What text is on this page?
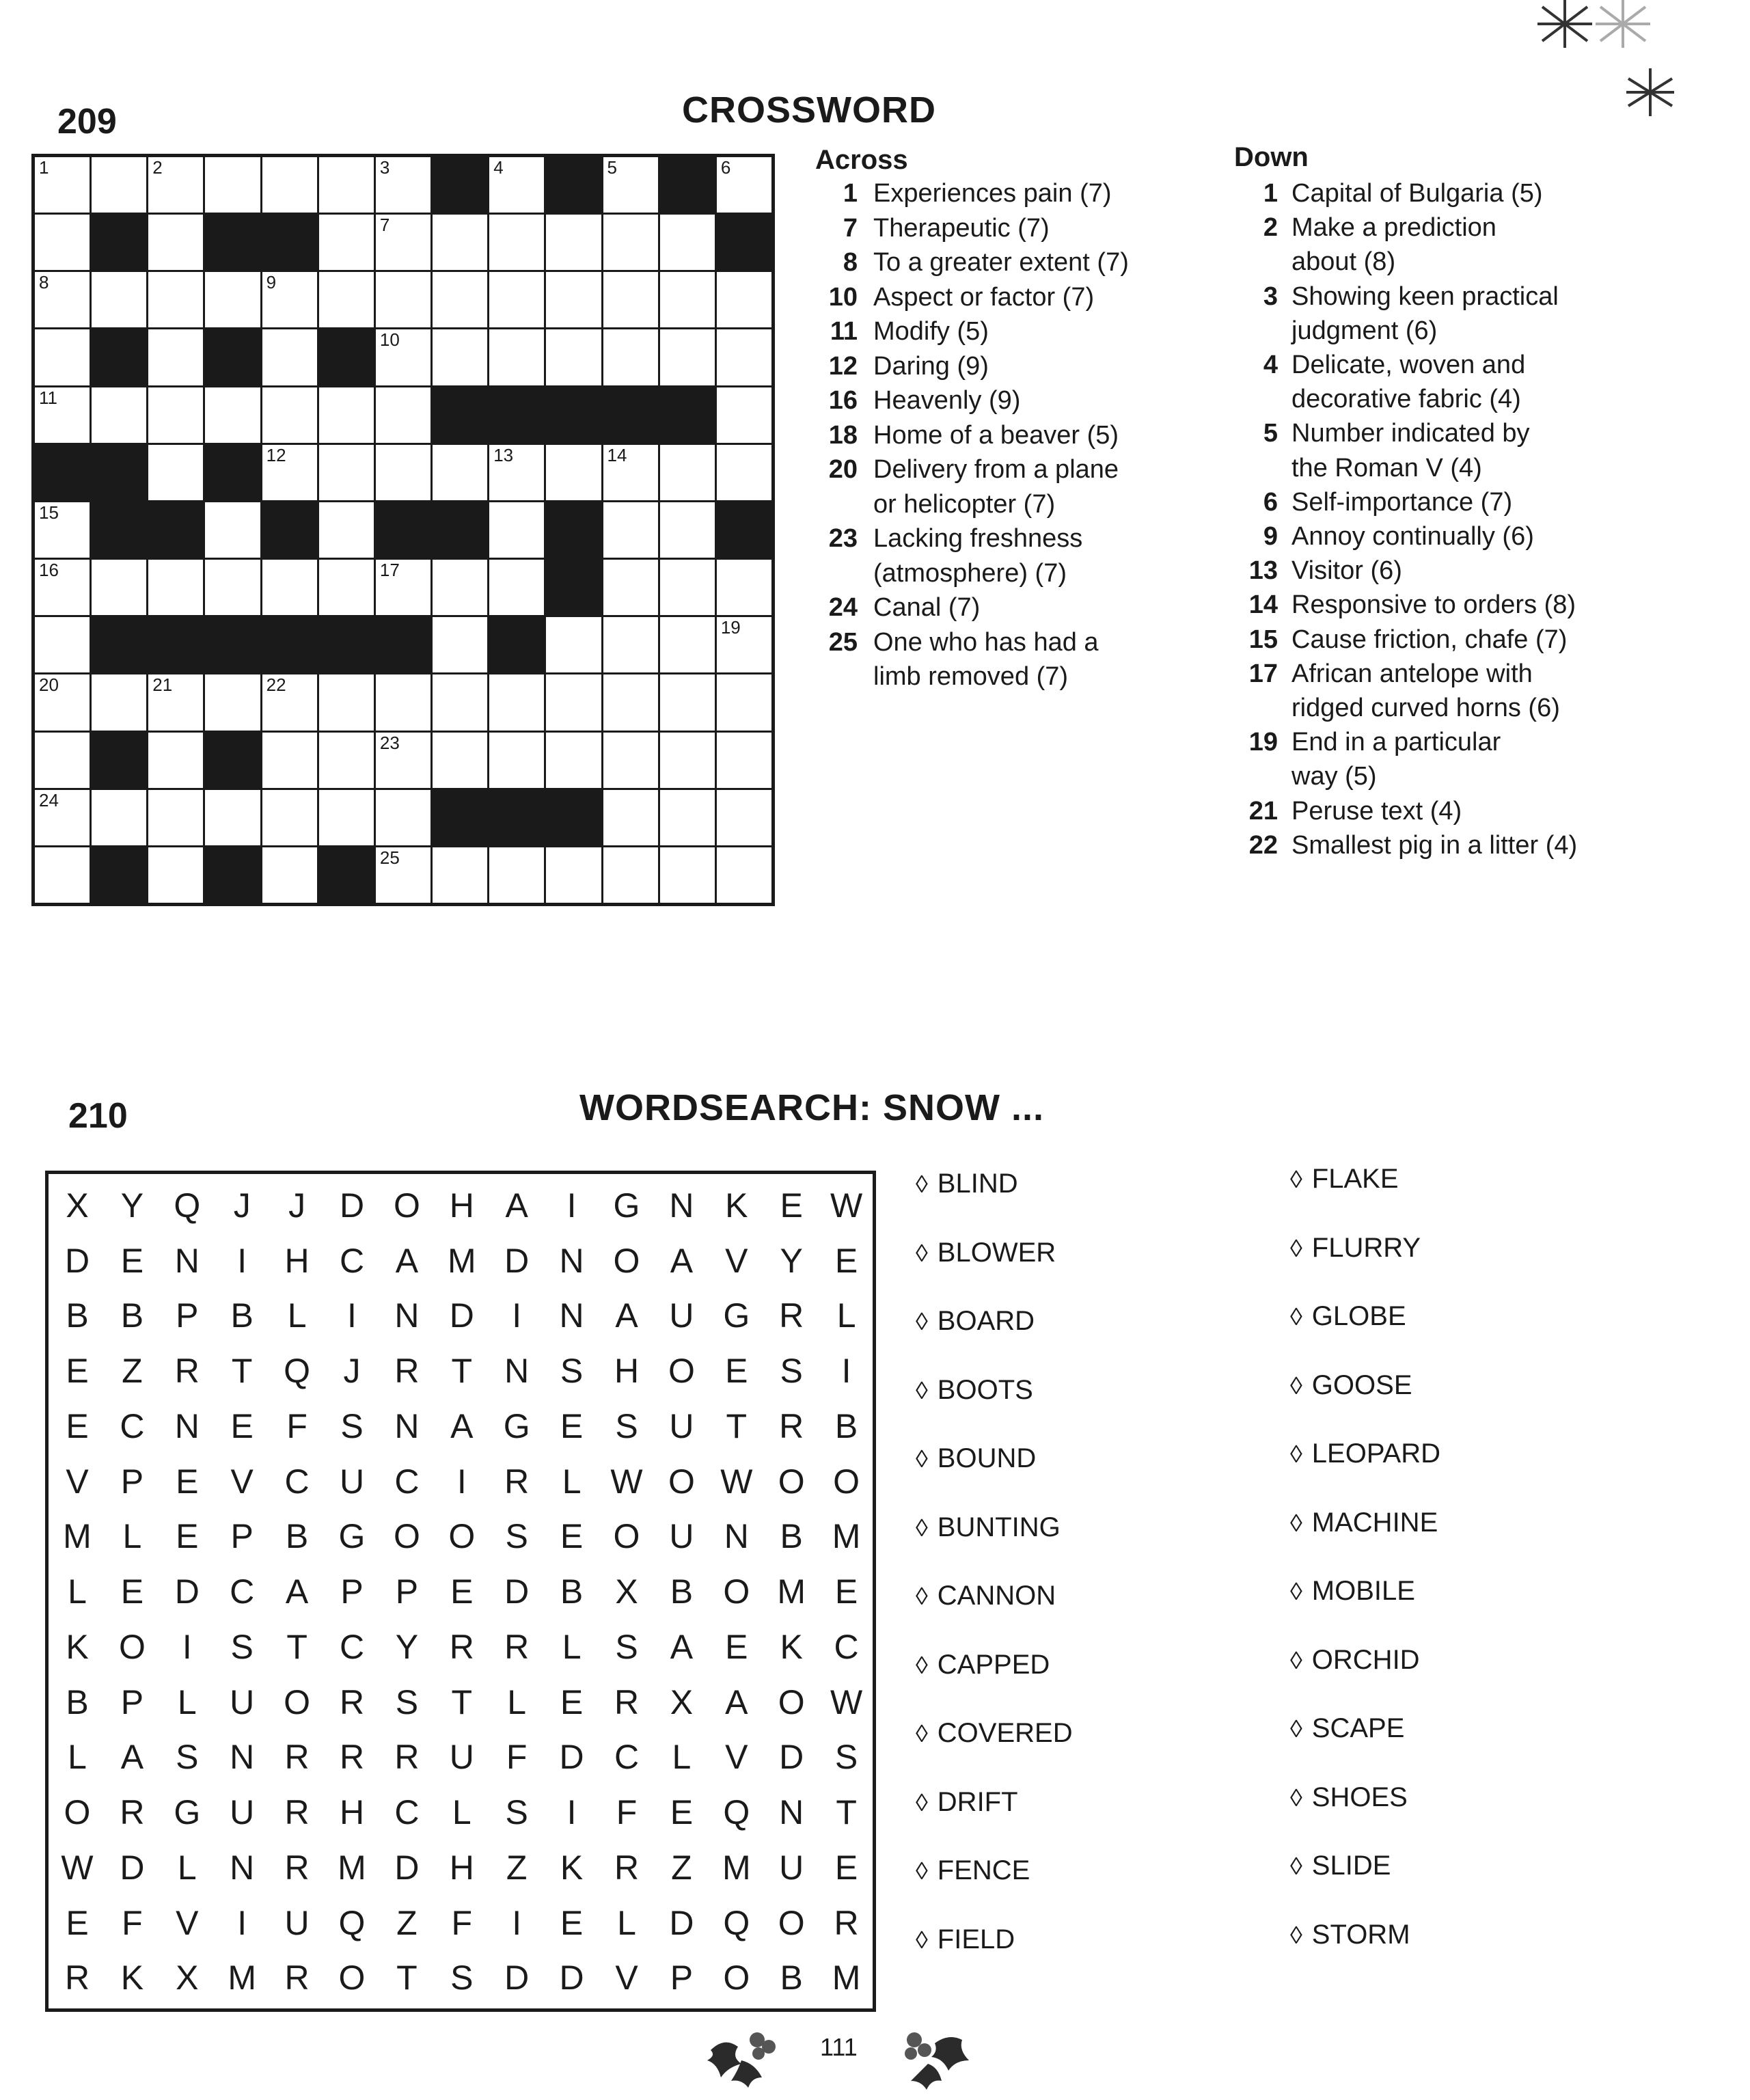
209	CROSSWORD
1	2	3	4	5	6
7
8	9
10
11
12	13	14
15
16	17
18	19
20	21	22
23
24
25
Across
1 Experiences pain (7)
7 Therapeutic (7)
8 To a greater extent (7)
10 Aspect or factor (7)
11 Modify (5)
12 Daring (9)
16 Heavenly (9)
18 Home of a beaver (5)
20 Delivery from a plane
or helicopter (7)
23 Lacking freshness
(atmosphere) (7)
24 Canal (7)
25 One who has had a
limb removed (7)
Down
1 Capital of Bulgaria (5)
2 Make a prediction
about (8)
3 Showing keen practical
judgment (6)
4 Delicate, woven and
decorative fabric (4)
5 Number indicated by
the Roman V (4)
6 Self-importance (7)
9 Annoy continually (6)
13 Visitor (6)
14 Responsive to orders (8)
15 Cause friction, chafe (7)
17 African antelope with
ridged curved horns (6)
19 End in a particular
way (5)
21 Peruse text (4)
22 Smallest pig in a litter (4)
210	WORDSEARCH: SNOW ...
X Y Q J	J D O H A	I	G N K E W
D E N	I	H C A M D N O A V Y E
B B P B L	I	N D	I	N A U G R L
E Z R T Q J R T N S H O E S	I
E C N E F S N A G E S U T R B
V P E V C U C	I	R L W O W O O
M L E P B G O O S E O U N B M
L E D C A P P E D B X B O M E
K O	I	S T C Y R R L S A E K C
B P L U O R S T	L E R X A O W
L A S N R R R U F D C L V D S
O R G U R H C L S	I	F E Q N T
W D L N R M D H Z K R Z M U E
E F V	I	U Q Z F	I	E L D Q O R
R K X M R O T S D D V P O B M
◊ BLIND
◊ BLOWER
◊ BOARD
◊ BOOTS
◊ BOUND
◊ BUNTING
◊ CANNON
◊ CAPPED
◊ COVERED
◊ DRIFT
◊ FENCE
◊ FIELD
◊ FLAKE
◊ FLURRY
◊ GLOBE
◊ GOOSE
◊ LEOPARD
◊ MACHINE
◊ MOBILE
◊ ORCHID
◊ SCAPE
◊ SHOES
◊ SLIDE
◊ STORM
111
